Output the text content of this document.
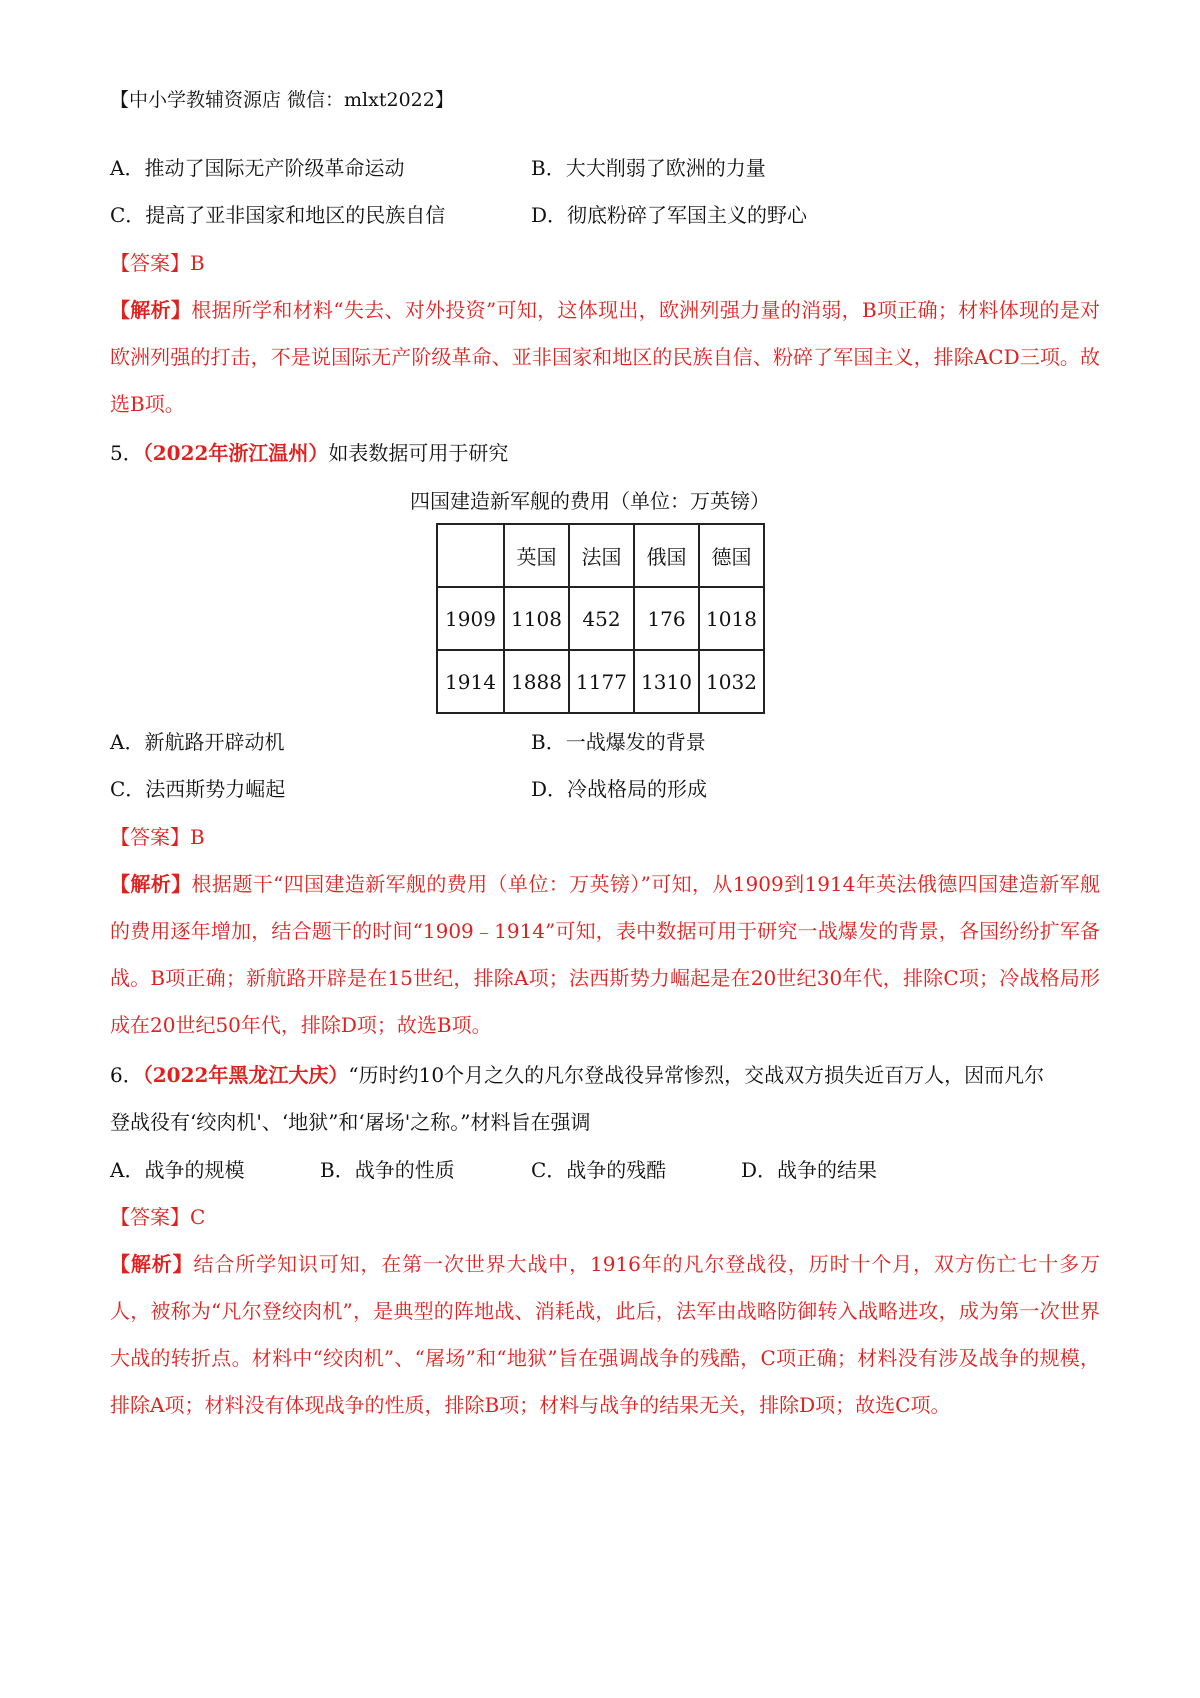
【中小学教辅资源店 微信：mlxt2022】
A．推动了国际无产阶级革命运动	B．大大削弱了欧洲的力量
C．提高了亚非国家和地区的民族自信	D．彻底粉碎了军国主义的野心
【答案】B
【解析】根据所学和材料“失去、对外投资”可知，这体现出，欧洲列强力量的消弱，B项正确；材料体现的是对欧洲列强的打击，不是说国际无产阶级革命、亚非国家和地区的民族自信、粉碎了军国主义，排除ACD三项。故选B项。
5．（2022年浙江温州）如表数据可用于研究
四国建造新军舰的费用（单位：万英镑）
	英国	法国	俄国	德国
1909	1108	452	176	1018
1914	1888	1177	1310	1032
A．新航路开辟动机	B．一战爆发的背景
C．法西斯势力崛起	D．冷战格局的形成
【答案】B
【解析】根据题干“四国建造新军舰的费用（单位：万英镑）”可知，从1909到1914年英法俄德四国建造新军舰的费用逐年增加，结合题干的时间“1909﹣1914”可知，表中数据可用于研究一战爆发的背景，各国纷纷扩军备战。B项正确；新航路开辟是在15世纪，排除A项；法西斯势力崛起是在20世纪30年代，排除C项；冷战格局形成在20世纪50年代，排除D项；故选B项。
6．（2022年黑龙江大庆）“历时约10个月之久的凡尔登战役异常惨烈，交战双方损失近百万人，因而凡尔
登战役有‘绞肉机'、‘地狱”和‘屠场'之称。”材料旨在强调
A．战争的规模	B．战争的性质	C．战争的残酷	D．战争的结果
【答案】C
【解析】结合所学知识可知，在第一次世界大战中，1916年的凡尔登战役，历时十个月，双方伤亡七十多万人，被称为“凡尔登绞肉机”，是典型的阵地战、消耗战，此后，法军由战略防御转入战略进攻，成为第一次世界大战的转折点。材料中“绞肉机”、“屠场”和“地狱”旨在强调战争的残酷，C项正确；材料没有涉及战争的规模，排除A项；材料没有体现战争的性质，排除B项；材料与战争的结果无关，排除D项；故选C项。
